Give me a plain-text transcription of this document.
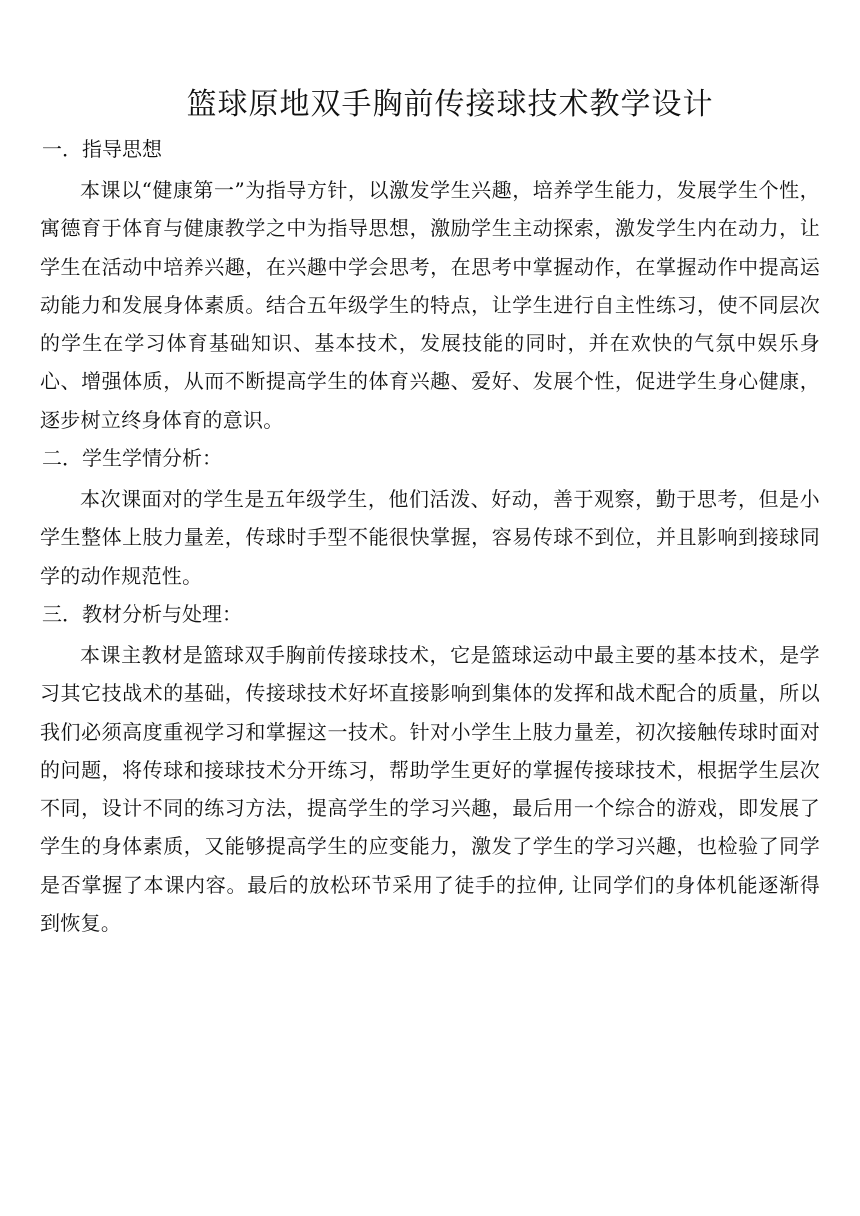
篮球原地双手胸前传接球技术教学设计
一．指导思想

本课以“健康第一”为指导方针，以激发学生兴趣，培养学生能力，发展学生个性，寓德育于体育与健康教学之中为指导思想，激励学生主动探索，激发学生内在动力，让学生在活动中培养兴趣，在兴趣中学会思考，在思考中掌握动作，在掌握动作中提高运动能力和发展身体素质。结合五年级学生的特点，让学生进行自主性练习，使不同层次的学生在学习体育基础知识、基本技术，发展技能的同时，并在欢快的气氛中娱乐身心、增强体质，从而不断提高学生的体育兴趣、爱好、发展个性，促进学生身心健康，逐步树立终身体育的意识。

二．学生学情分析：

本次课面对的学生是五年级学生，他们活泼、好动，善于观察，勤于思考，但是小学生整体上肢力量差，传球时手型不能很快掌握，容易传球不到位，并且影响到接球同学的动作规范性。

三．教材分析与处理：

本课主教材是篮球双手胸前传接球技术，它是篮球运动中最主要的基本技术，是学习其它技战术的基础，传接球技术好坏直接影响到集体的发挥和战术配合的质量，所以我们必须高度重视学习和掌握这一技术。针对小学生上肢力量差，初次接触传球时面对的问题，将传球和接球技术分开练习，帮助学生更好的掌握传接球技术，根据学生层次不同，设计不同的练习方法，提高学生的学习兴趣，最后用一个综合的游戏，即发展了学生的身体素质，又能够提高学生的应变能力，激发了学生的学习兴趣，也检验了同学是否掌握了本课内容。最后的放松环节采用了徒手的拉伸, 让同学们的身体机能逐渐得到恢复。
